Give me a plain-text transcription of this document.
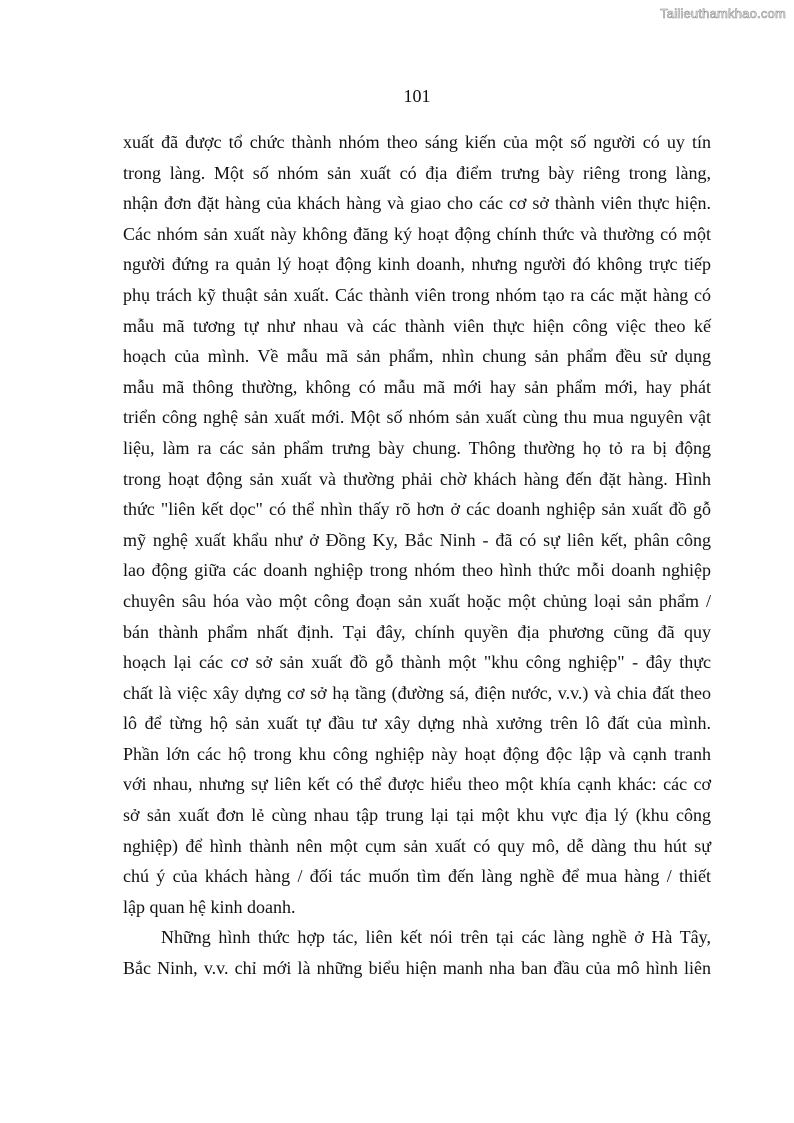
Tailieuthamkhao.com
101
xuất đã được tổ chức thành nhóm theo sáng kiến của một số người có uy tín
trong làng. Một số nhóm sản xuất có địa điểm trưng bày riêng trong làng,
nhận đơn đặt hàng của khách hàng và giao cho các cơ sở thành viên thực hiện.
Các nhóm sản xuất này không đăng ký hoạt động chính thức và thường có một
người đứng ra quản lý hoạt động kinh doanh, nhưng người đó không trực tiếp
phụ trách kỹ thuật sản xuất. Các thành viên trong nhóm tạo ra các mặt hàng có
mẫu mã tương tự như nhau và các thành viên thực hiện công việc theo kế
hoạch của mình. Về mẫu mã sản phẩm, nhìn chung sản phẩm đều sử dụng
mẫu mã thông thường, không có mẫu mã mới hay sản phẩm mới, hay phát
triển công nghệ sản xuất mới. Một số nhóm sản xuất cùng thu mua nguyên vật
liệu, làm ra các sản phẩm trưng bày chung. Thông thường họ tỏ ra bị động
trong hoạt động sản xuất và thường phải chờ khách hàng đến đặt hàng. Hình
thức "liên kết dọc" có thể nhìn thấy rõ hơn ở các doanh nghiệp sản xuất đồ gỗ
mỹ nghệ xuất khẩu như ở Đồng Ky, Bắc Ninh - đã có sự liên kết, phân công
lao động giữa các doanh nghiệp trong nhóm theo hình thức mỗi doanh nghiệp
chuyên sâu hóa vào một công đoạn sản xuất hoặc một chủng loại sản phẩm /
bán thành phẩm nhất định. Tại đây, chính quyền địa phương cũng đã quy
hoạch lại các cơ sở sản xuất đồ gỗ thành một "khu công nghiệp" - đây thực
chất là việc xây dựng cơ sở hạ tầng (đường sá, điện nước, v.v.) và chia đất theo
lô để từng hộ sản xuất tự đầu tư xây dựng nhà xưởng trên lô đất của mình.
Phần lớn các hộ trong khu công nghiệp này hoạt động độc lập và cạnh tranh
với nhau, nhưng sự liên kết có thể được hiểu theo một khía cạnh khác: các cơ
sở sản xuất đơn lẻ cùng nhau tập trung lại tại một khu vực địa lý (khu công
nghiệp) để hình thành nên một cụm sản xuất có quy mô, dễ dàng thu hút sự
chú ý của khách hàng / đối tác muốn tìm đến làng nghề để mua hàng / thiết
lập quan hệ kinh doanh.
Những hình thức hợp tác, liên kết nói trên tại các làng nghề ở Hà Tây,
Bắc Ninh, v.v. chỉ mới là những biểu hiện manh nha ban đầu của mô hình liên
